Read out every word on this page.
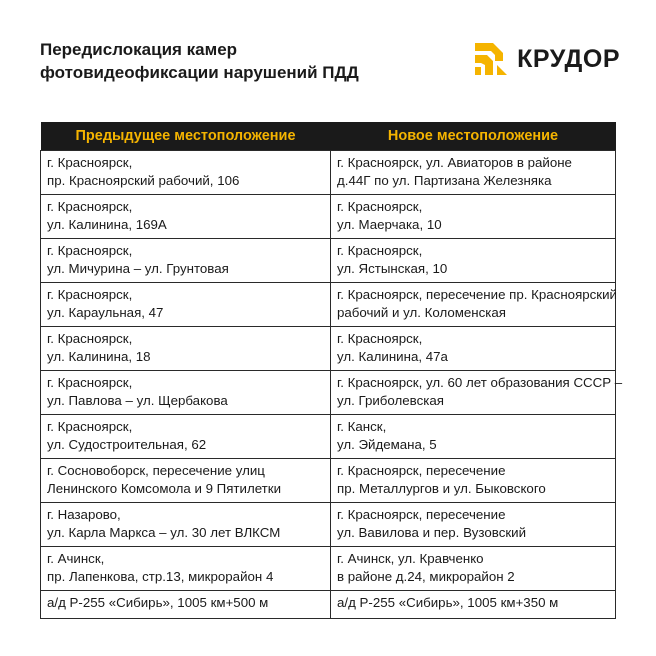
Передислокация камер
фотовидеофиксации нарушений ПДД	КРУДОР
Предыдущее местоположение	Новое местоположение

г. Красноярск,
пр. Красноярский рабочий, 106	г. Красноярск, ул. Авиаторов в районе
д.44Г по ул. Партизана Железняка

г. Красноярск,
ул. Калинина, 169А	г. Красноярск,
ул. Маерчака, 10

г. Красноярск,
ул. Мичурина – ул. Грунтовая	г. Красноярск,
ул. Ястынская, 10

г. Красноярск,
ул. Караульная, 47	г. Красноярск, пересечение пр. Красноярский
рабочий и ул. Коломенская

г. Красноярск,
ул. Калинина, 18	г. Красноярск,
ул. Калинина, 47а

г. Красноярск,
ул. Павлова – ул. Щербакова	г. Красноярск, ул. 60 лет образования СССР –
ул. Гриболевская

г. Красноярск,
ул. Судостроительная, 62	г. Канск,
ул. Эйдемана, 5

г. Сосновоборск, пересечение улиц
Ленинского Комсомола и 9 Пятилетки	г. Красноярск, пересечение
пр. Металлургов и ул. Быковского

г. Назарово,
ул. Карла Маркса – ул. 30 лет ВЛКСМ	г. Красноярск, пересечение
ул. Вавилова и пер. Вузовский

г. Ачинск,
пр. Лапенкова, стр.13, микрорайон 4	г. Ачинск, ул. Кравченко
в районе д.24, микрорайон 2

а/д Р-255 «Сибирь», 1005 км+500 м	а/д Р-255 «Сибирь», 1005 км+350 м
